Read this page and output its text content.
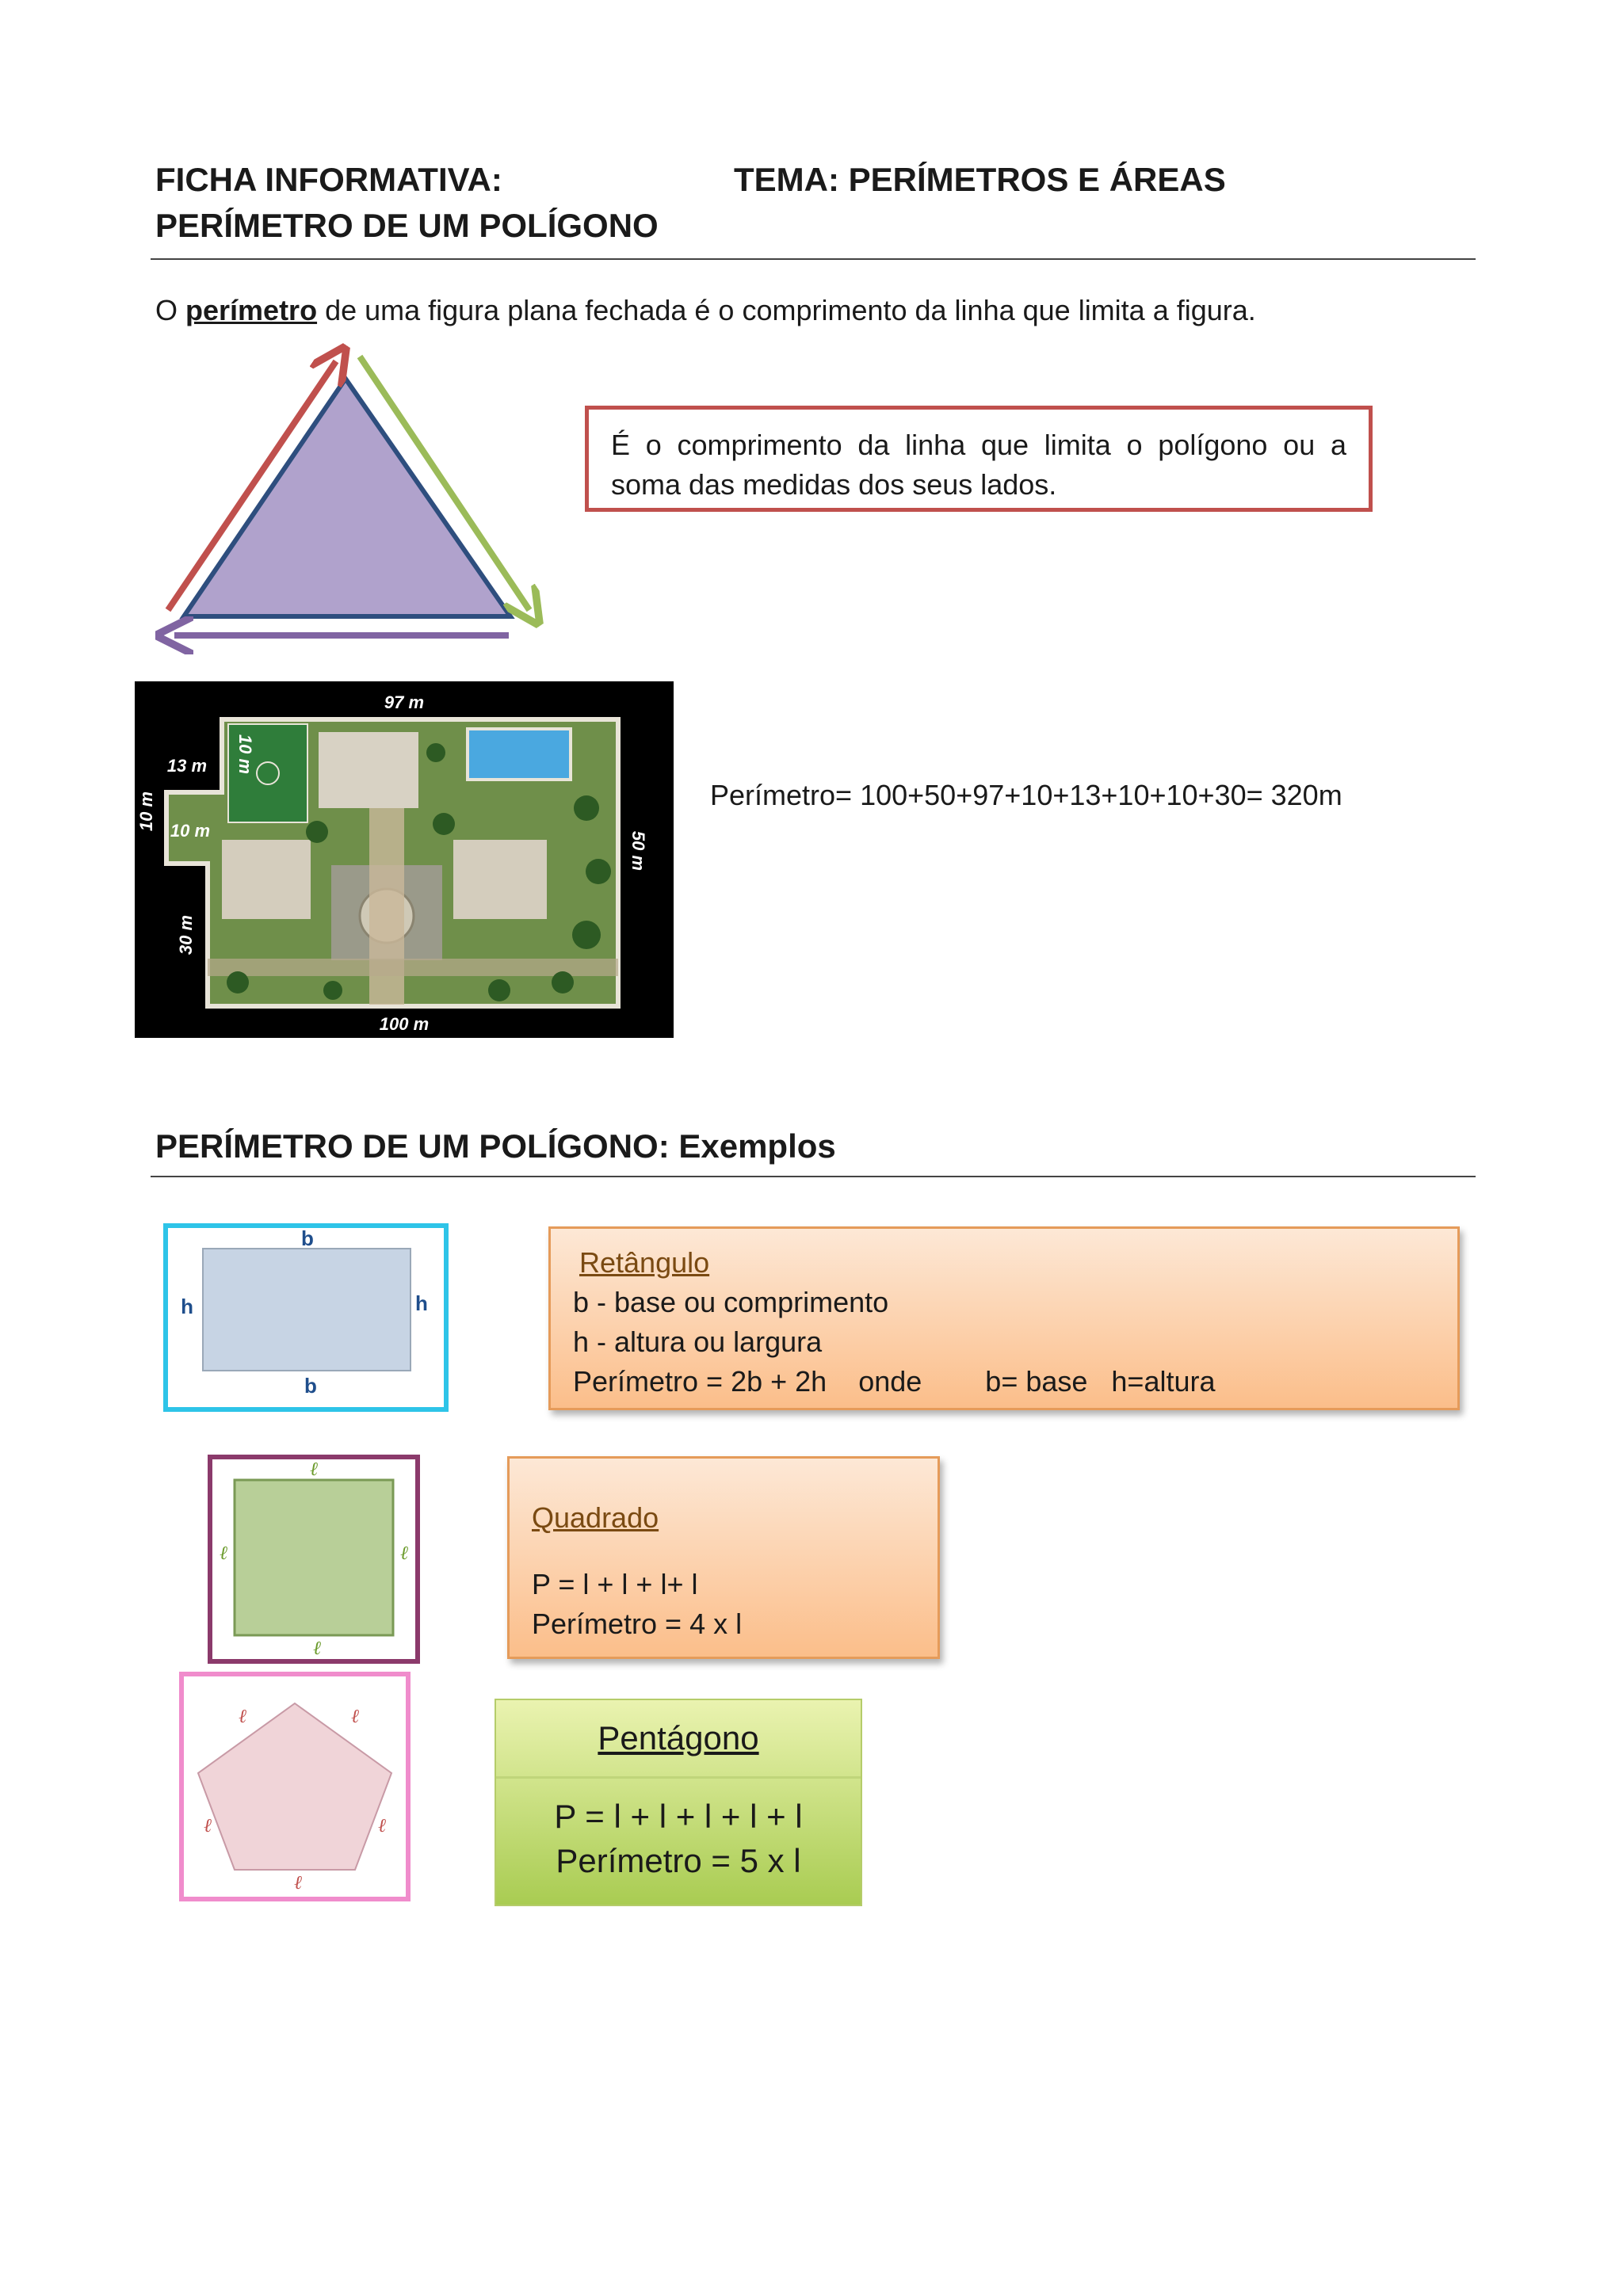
FICHA INFORMATIVA:
PERÍMETRO DE UM POLÍGONO
TEMA: PERÍMETROS E ÁREAS
O perímetro de uma figura plana fechada é o comprimento da linha que limita a figura.
É o comprimento da linha que limita o polígono ou a soma das medidas dos seus lados.
97 m
100 m
50 m
30 m
10 m
13 m
10 m
10 m
Perímetro= 100+50+97+10+13+10+10+30= 320m
PERÍMETRO DE UM POLÍGONO: Exemplos
b
b
h	h
Retângulo
b - base ou comprimento
h - altura ou largura
Perímetro = 2b + 2h    onde        b= base   h=altura
ℓ
ℓ
ℓ	ℓ
Quadrado
P = l + l + l+ l
Perímetro = 4 x l
ℓ	ℓ
ℓ	ℓ
ℓ
Pentágono
P = l + l + l + l + l
Perímetro = 5 x l
